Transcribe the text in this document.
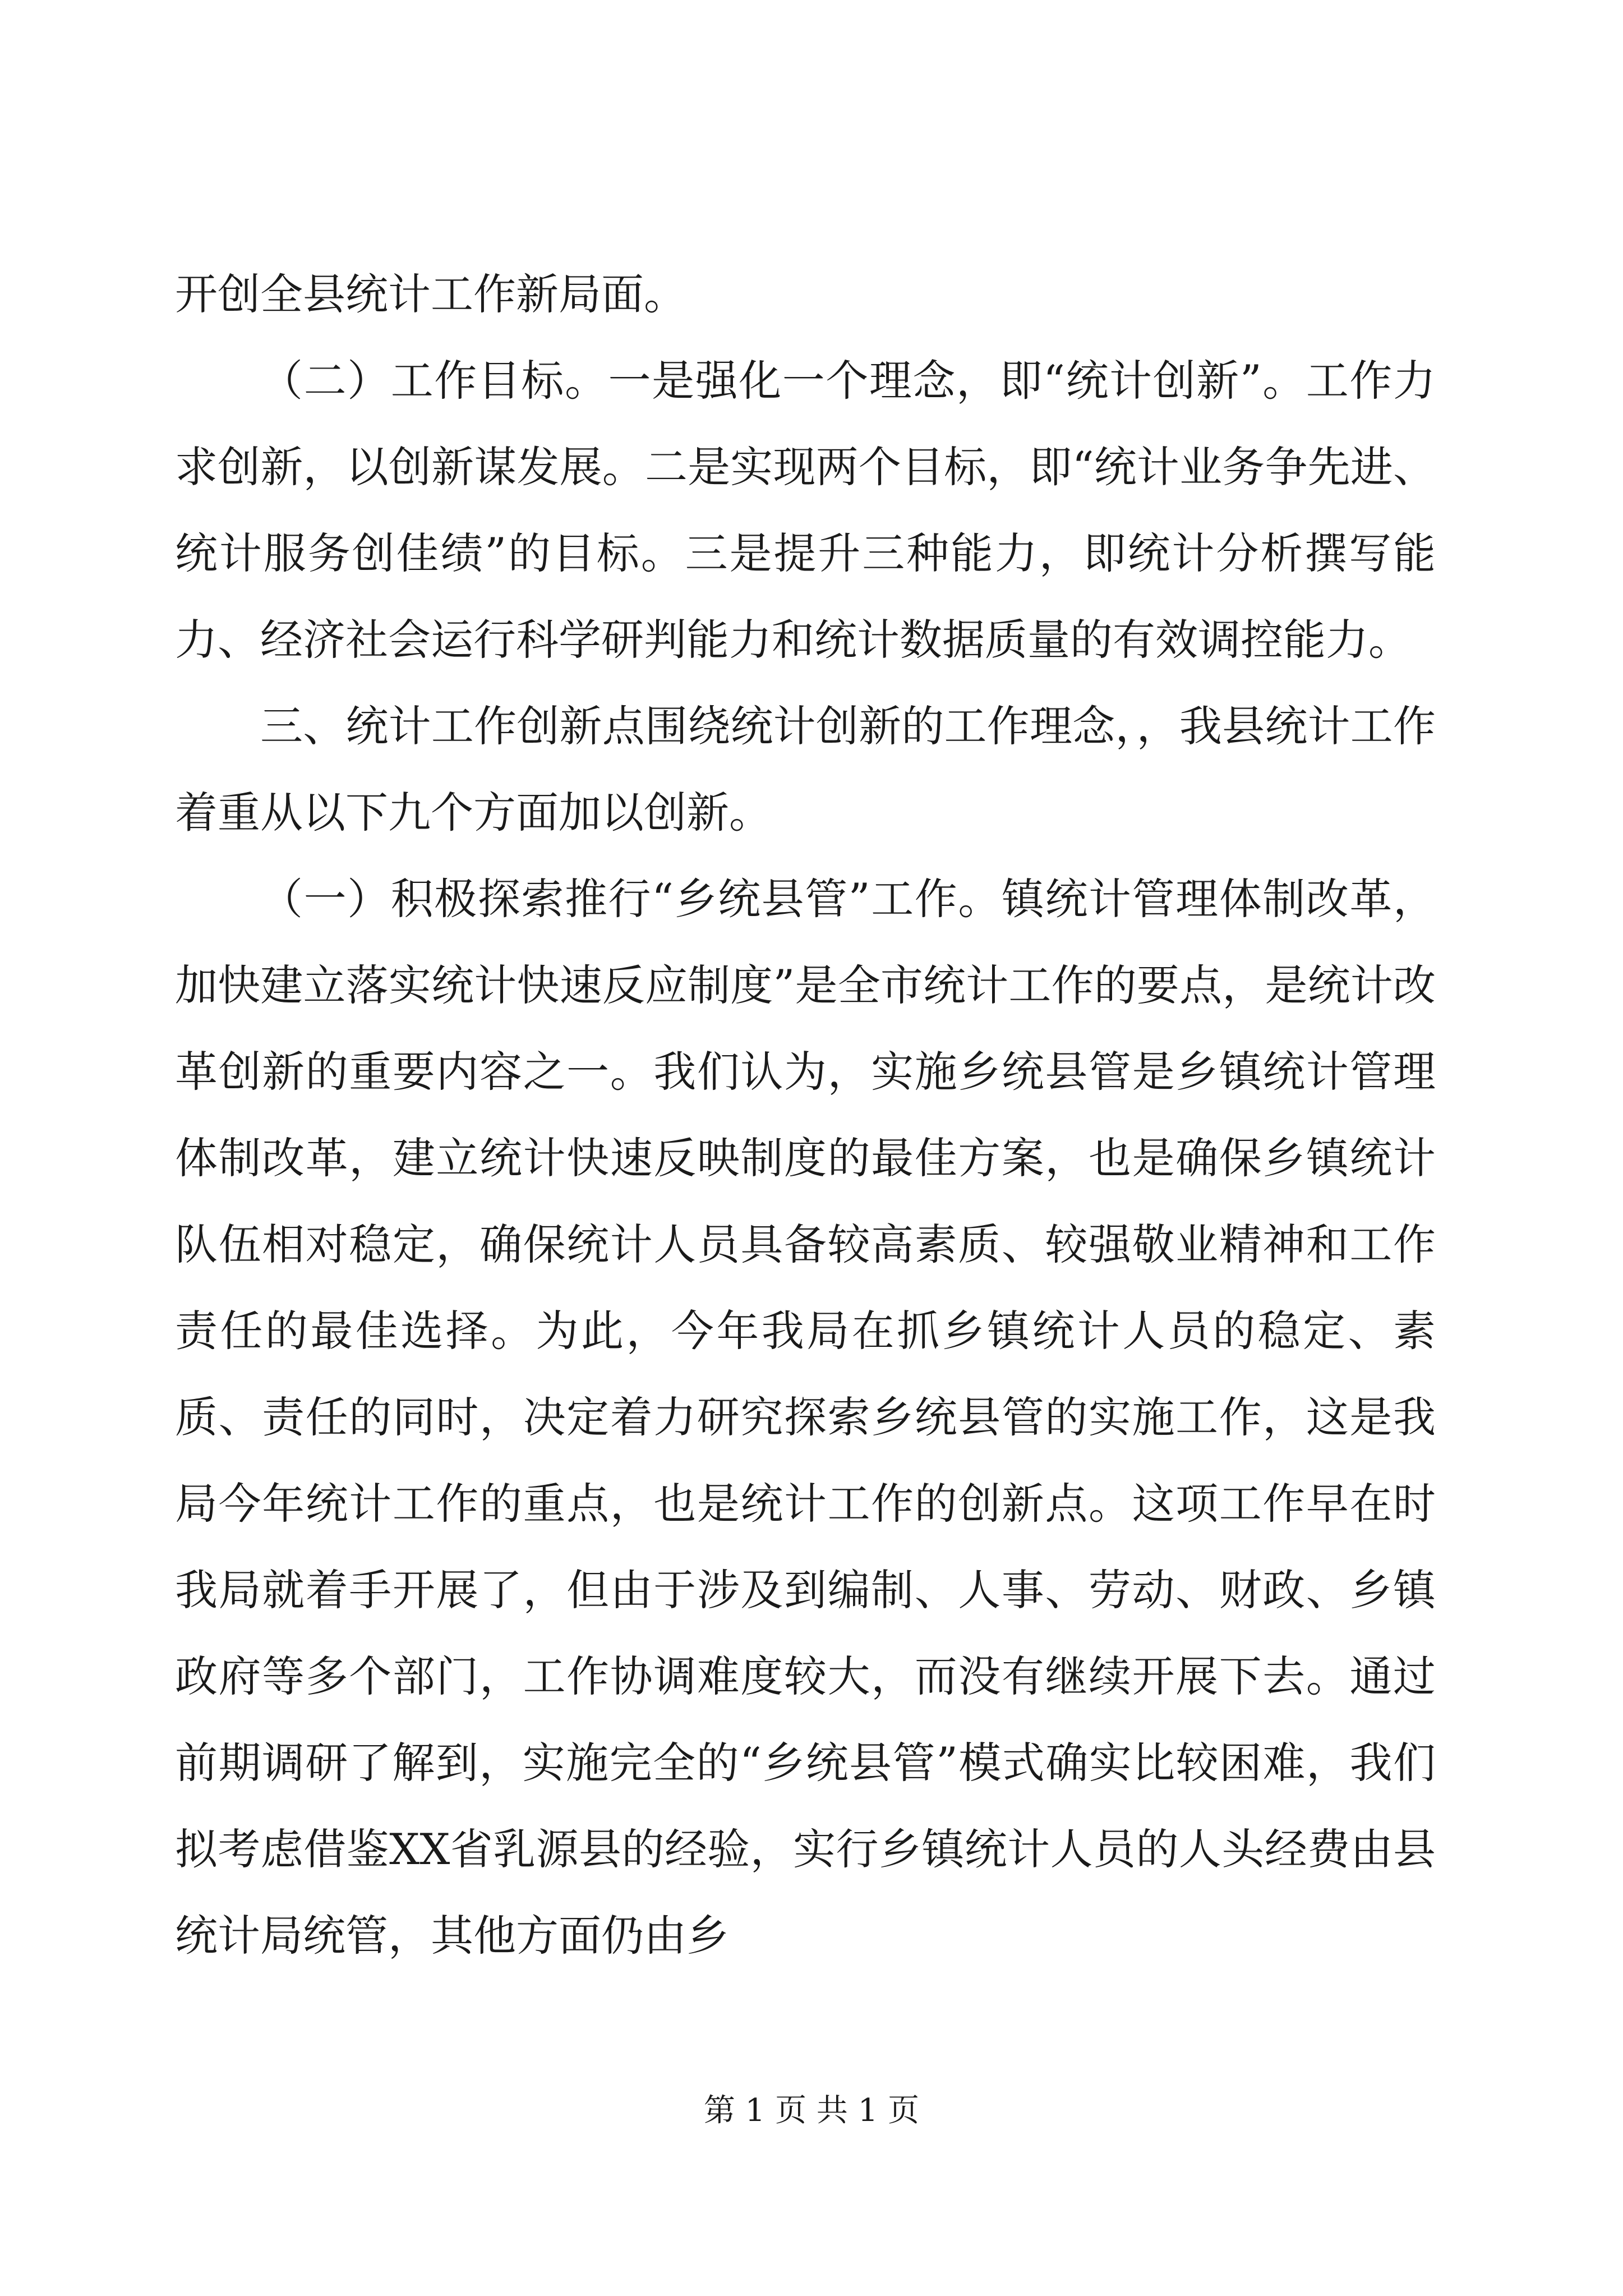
开创全县统计工作新局面。

（二）工作目标。一是强化一个理念，即“统计创新”。工作力求创新，以创新谋发展。二是实现两个目标，即“统计业务争先进、统计服务创佳绩”的目标。三是提升三种能力，即统计分析撰写能力、经济社会运行科学研判能力和统计数据质量的有效调控能力。

三、统计工作创新点围绕统计创新的工作理念，，我县统计工作着重从以下九个方面加以创新。

（一）积极探索推行“乡统县管”工作。镇统计管理体制改革，加快建立落实统计快速反应制度”是全市统计工作的要点，是统计改革创新的重要内容之一。我们认为，实施乡统县管是乡镇统计管理体制改革，建立统计快速反映制度的最佳方案，也是确保乡镇统计队伍相对稳定，确保统计人员具备较高素质、较强敬业精神和工作责任的最佳选择。为此，今年我局在抓乡镇统计人员的稳定、素质、责任的同时，决定着力研究探索乡统县管的实施工作，这是我局今年统计工作的重点，也是统计工作的创新点。这项工作早在时我局就着手开展了，但由于涉及到编制、人事、劳动、财政、乡镇政府等多个部门，工作协调难度较大，而没有继续开展下去。通过前期调研了解到，实施完全的“乡统县管”模式确实比较困难，我们拟考虑借鉴XX省乳源县的经验，实行乡镇统计人员的人头经费由县统计局统管，其他方面仍由乡

第 1 页 共 1 页
